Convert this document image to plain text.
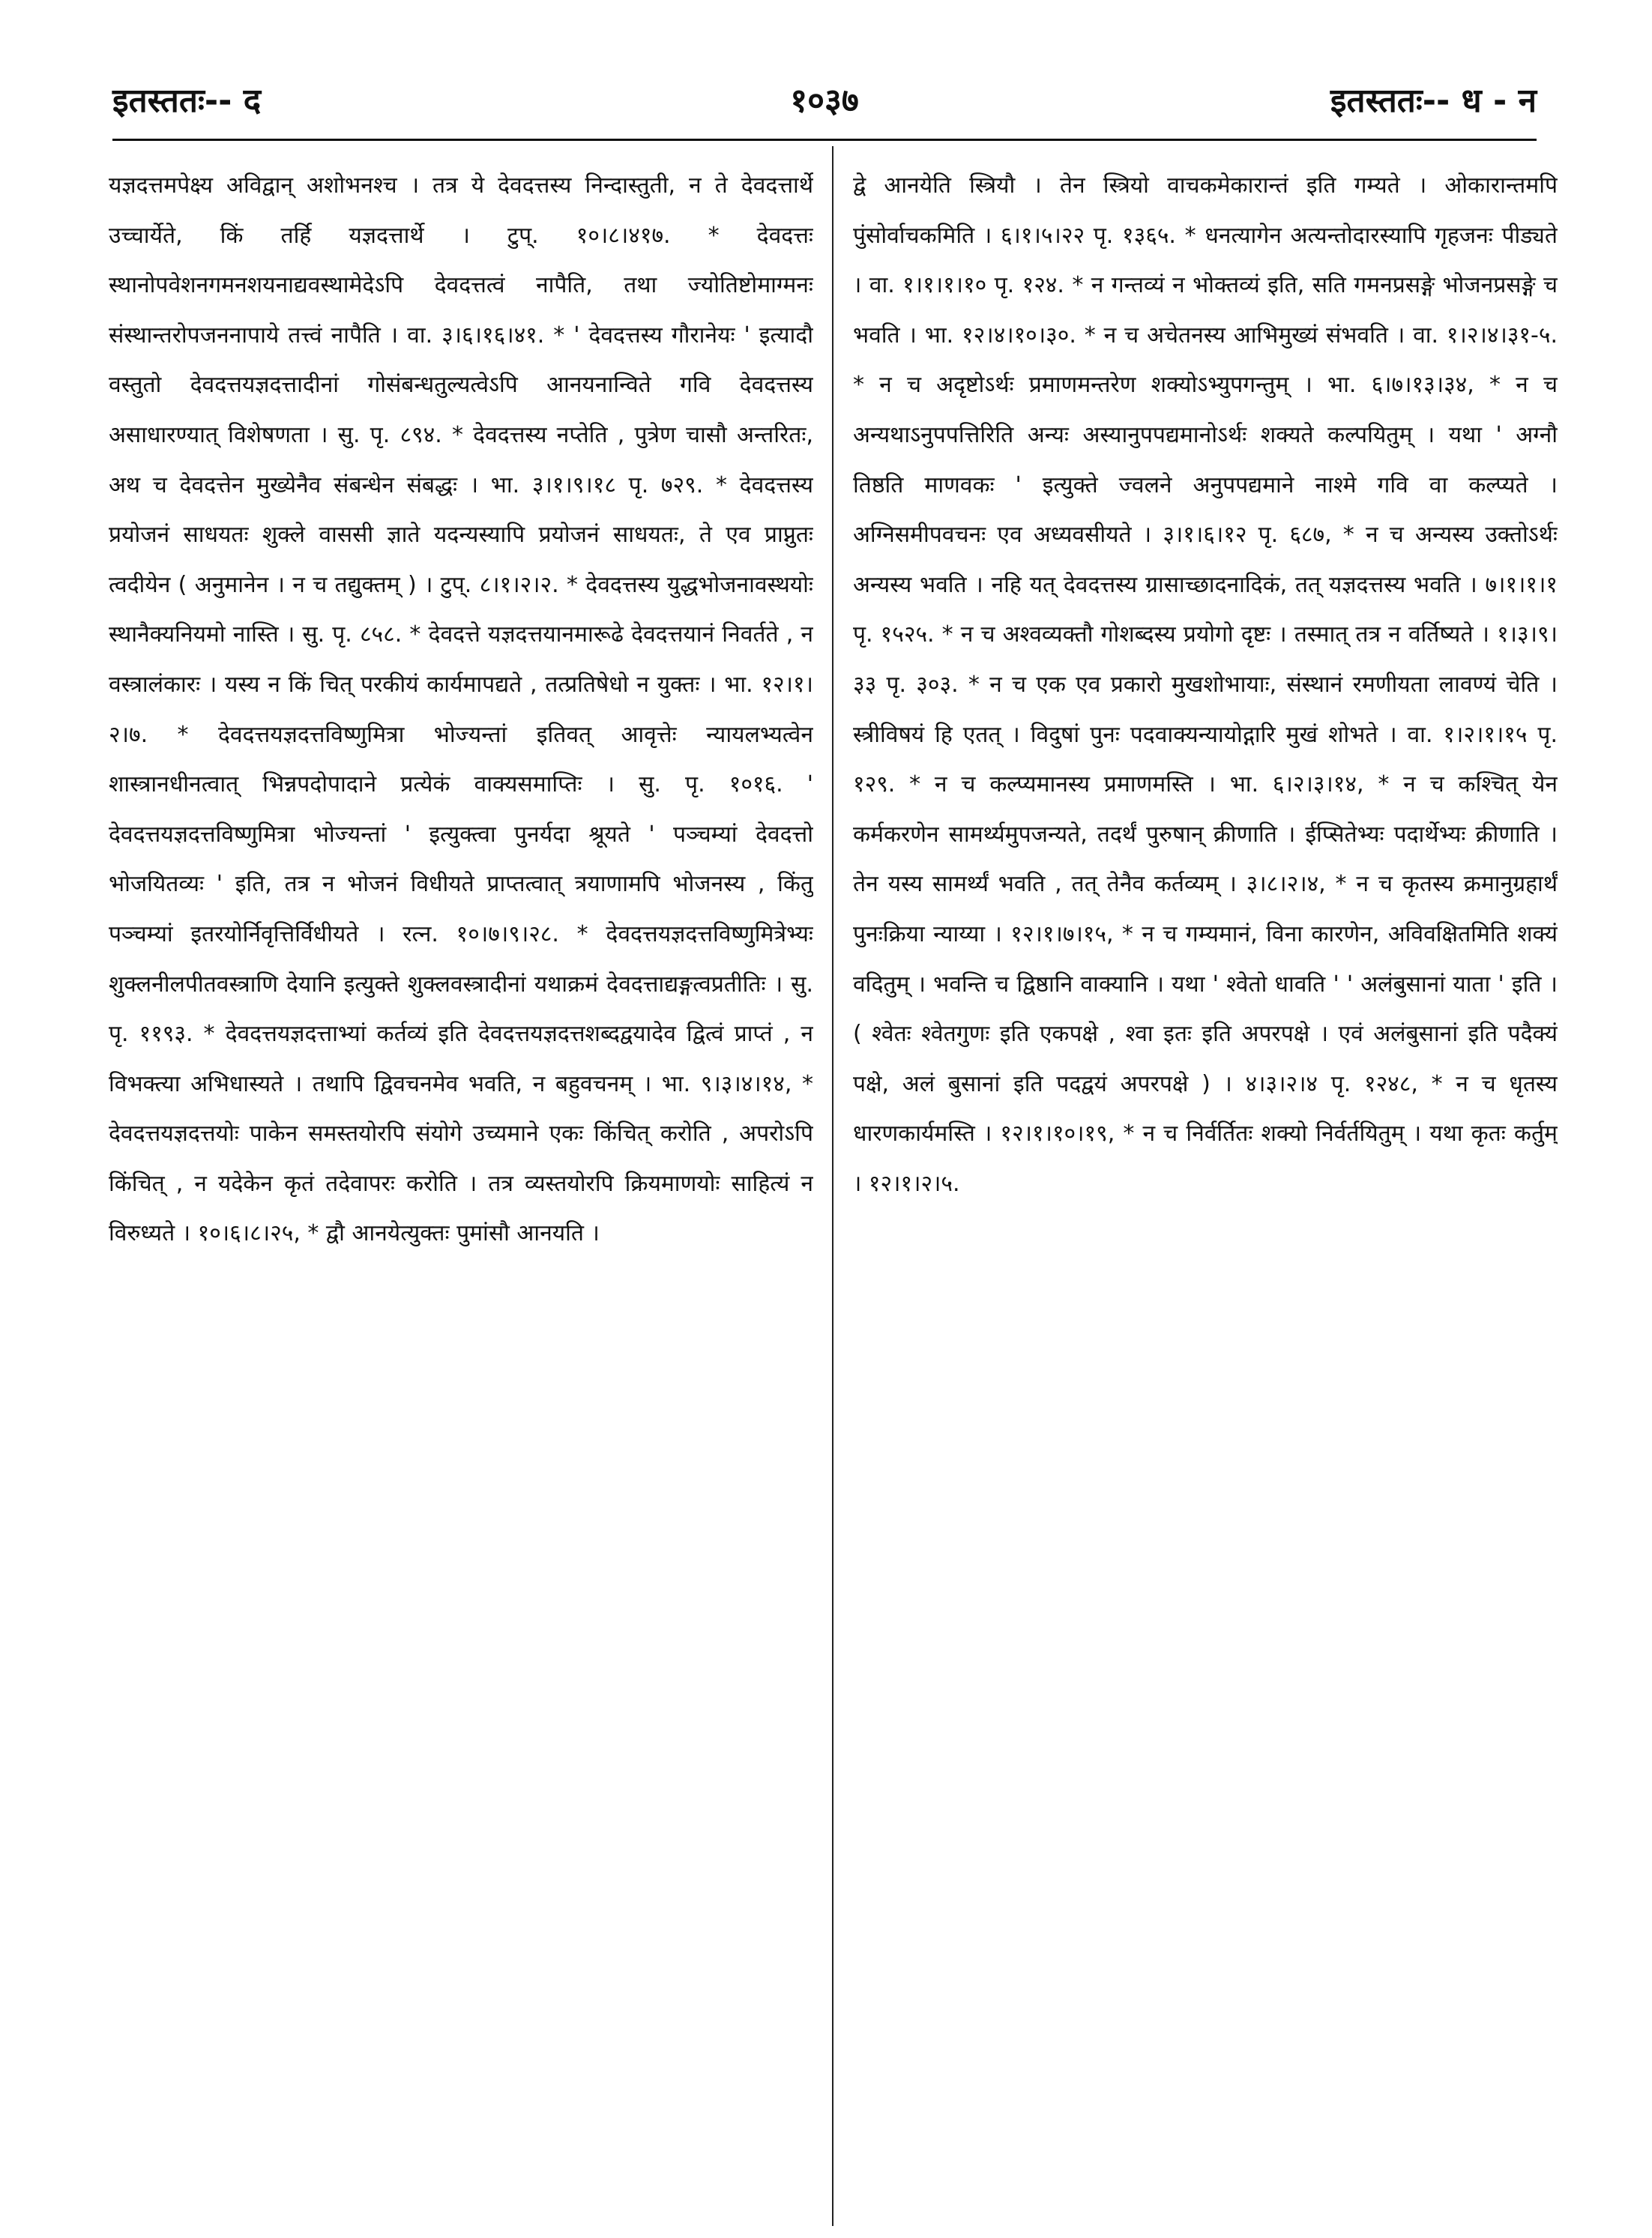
इतस्ततः-- द	१०३७	इतस्ततः-- ध - न

यज्ञदत्तमपेक्ष्य अविद्वान् अशोभनश्च । तत्र ये देवदत्तस्य निन्दास्तुती, न ते देवदत्तार्थे उच्चार्येते, किं तर्हि यज्ञदत्तार्थे । टुप्. १०।८।४१७. * देवदत्तः स्थानोपवेशनगमनशयनाद्यवस्थामेदेऽपि देवदत्तत्वं नापैति, तथा ज्योतिष्टोमाग्मनः संस्थान्तरोपजननापाये तत्त्वं नापैति । वा. ३।६।१६।४१. * ' देवदत्तस्य गौरानेयः ' इत्यादौ वस्तुतो देवदत्तयज्ञदत्तादीनां गोसंबन्धतुल्यत्वेऽपि आनयनान्विते गवि देवदत्तस्य असाधारण्यात् विशेषणता । सु. पृ. ८९४. * देवदत्तस्य नप्तेति , पुत्रेण चासौ अन्तरितः, अथ च देवदत्तेन मुख्येनैव संबन्धेन संबद्धः । भा. ३।१।९।१८ पृ. ७२९. * देवदत्तस्य प्रयोजनं साधयतः शुक्ले वाससी ज्ञाते यदन्यस्यापि प्रयोजनं साधयतः, ते एव प्राप्नुतः त्वदीयेन ( अनुमानेन । न च तद्युक्तम् ) । टुप्. ८।१।२।२. * देवदत्तस्य युद्धभोजनावस्थयोः स्थानैक्यनियमो नास्ति । सु. पृ. ८५८. * देवदत्ते यज्ञदत्तयानमारूढे देवदत्तयानं निवर्तते , न वस्त्रालंकारः । यस्य न किं चित् परकीयं कार्यमापद्यते , तत्प्रतिषेधो न युक्तः । भा. १२।१।२।७. * देवदत्तयज्ञदत्तविष्णुमित्रा भोज्यन्तां इतिवत् आवृत्तेः न्यायलभ्यत्वेन शास्त्रानधीनत्वात् भिन्नपदोपादाने प्रत्येकं वाक्यसमाप्तिः । सु. पृ. १०१६. ' देवदत्तयज्ञदत्तविष्णुमित्रा भोज्यन्तां ' इत्युक्त्वा पुनर्यदा श्रूयते ' पञ्चम्यां देवदत्तो भोजयितव्यः ' इति, तत्र न भोजनं विधीयते प्राप्तत्वात् त्रयाणामपि भोजनस्य , किंतु पञ्चम्यां इतरयोर्निवृत्तिर्विधीयते । रत्न. १०।७।९।२८. * देवदत्तयज्ञदत्तविष्णुमित्रेभ्यः शुक्लनीलपीतवस्त्राणि देयानि इत्युक्ते शुक्लवस्त्रादीनां यथाक्रमं देवदत्ताद्यङ्गत्वप्रतीतिः । सु. पृ. ११९३. * देवदत्तयज्ञदत्ताभ्यां कर्तव्यं इति देवदत्तयज्ञदत्तशब्दद्वयादेव द्वित्वं प्राप्तं , न विभक्त्या अभिधास्यते । तथापि द्विवचनमेव भवति, न बहुवचनम् । भा. ९।३।४।१४, * देवदत्तयज्ञदत्तयोः पाकेन समस्तयोरपि संयोगे उच्यमाने एकः किंचित् करोति , अपरोऽपि किंचित् , न यदेकेन कृतं तदेवापरः करोति । तत्र व्यस्तयोरपि क्रियमाणयोः साहित्यं न विरुध्यते । १०।६।८।२५, * द्वौ आनयेत्युक्तः पुमांसौ आनयति ।

द्वे आनयेति स्त्रियौ । तेन स्त्रियो वाचकमेकारान्तं इति गम्यते । ओकारान्तमपि पुंसोर्वाचकमिति । ६।१।५।२२ पृ. १३६५. * धनत्यागेन अत्यन्तोदारस्यापि गृहजनः पीड्यते । वा. १।१।१।१० पृ. १२४. * न गन्तव्यं न भोक्तव्यं इति, सति गमनप्रसङ्गे भोजनप्रसङ्गे च भवति । भा. १२।४।१०।३०. * न च अचेतनस्य आभिमुख्यं संभवति । वा. १।२।४।३१-५. * न च अदृष्टोऽर्थः प्रमाणमन्तरेण शक्योऽभ्युपगन्तुम् । भा. ६।७।१३।३४, * न च अन्यथाऽनुपपत्तिरिति अन्यः अस्यानुपपद्यमानोऽर्थः शक्यते कल्पयितुम् । यथा ' अग्नौ तिष्ठति माणवकः ' इत्युक्ते ज्वलने अनुपपद्यमाने नाश्मे गवि वा कल्प्यते । अग्निसमीपवचनः एव अध्यवसीयते । ३।१।६।१२ पृ. ६८७, * न च अन्यस्य उक्तोऽर्थः अन्यस्य भवति । नहि यत् देवदत्तस्य ग्रासाच्छादनादिकं, तत् यज्ञदत्तस्य भवति । ७।१।१।१ पृ. १५२५. * न च अश्वव्यक्तौ गोशब्दस्य प्रयोगो दृष्टः । तस्मात् तत्र न वर्तिष्यते । १।३।९।३३ पृ. ३०३. * न च एक एव प्रकारो मुखशोभायाः, संस्थानं रमणीयता लावण्यं चेति । स्त्रीविषयं हि एतत् । विदुषां पुनः पदवाक्यन्यायोद्गारि मुखं शोभते । वा. १।२।१।१५ पृ. १२९. * न च कल्प्यमानस्य प्रमाणमस्ति । भा. ६।२।३।१४, * न च कश्चित् येन कर्मकरणेन सामर्थ्यमुपजन्यते, तदर्थं पुरुषान् क्रीणाति । ईप्सितेभ्यः पदार्थेभ्यः क्रीणाति । तेन यस्य सामर्थ्यं भवति , तत् तेनैव कर्तव्यम् । ३।८।२।४, * न च कृतस्य क्रमानुग्रहार्थं पुनःक्रिया न्याय्या । १२।१।७।१५, * न च गम्यमानं, विना कारणेन, अविवक्षितमिति शक्यं वदितुम् । भवन्ति च द्विष्ठानि वाक्यानि । यथा ' श्वेतो धावति ' ' अलंबुसानां याता ' इति । ( श्वेतः श्वेतगुणः इति एकपक्षे , श्वा इतः इति अपरपक्षे । एवं अलंबुसानां इति पदैक्यं पक्षे, अलं बुसानां इति पदद्वयं अपरपक्षे ) । ४।३।२।४ पृ. १२४८, * न च धृतस्य धारणकार्यमस्ति । १२।१।१०।१९, * न च निर्वर्तितः शक्यो निर्वर्तयितुम् । यथा कृतः कर्तुम् । १२।१।२।५.
